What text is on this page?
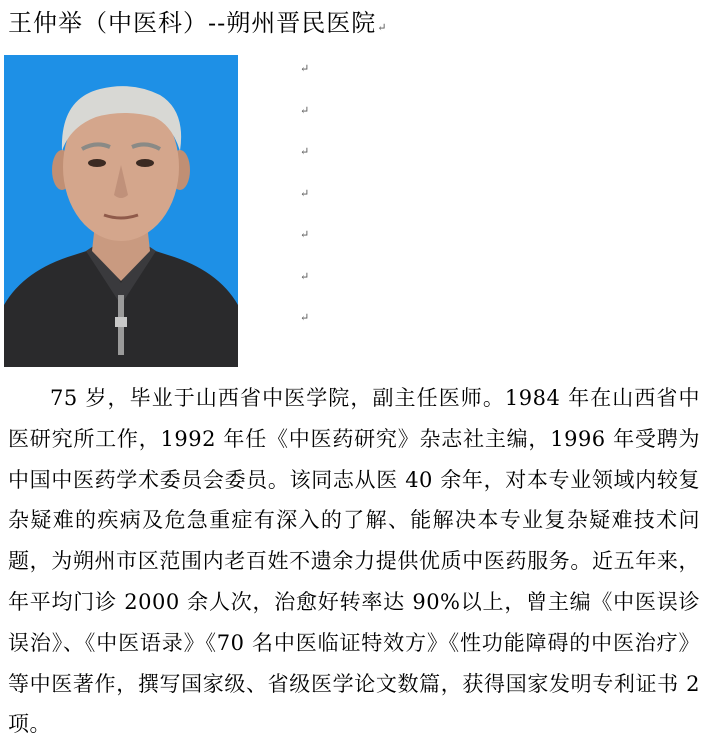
王仲举（中医科）--朔州晋民医院↵
↵
↵
↵
↵
↵
↵
↵

75 岁，毕业于山西省中医学院，副主任医师。1984 年在山西省中医研究所工作，1992 年任《中医药研究》杂志社主编，1996 年受聘为中国中医药学术委员会委员。该同志从医 40 余年，对本专业领域内较复杂疑难的疾病及危急重症有深入的了解、能解决本专业复杂疑难技术问题，为朔州市区范围内老百姓不遗余力提供优质中医药服务。近五年来，年平均门诊 2000 余人次，治愈好转率达 90%以上，曾主编《中医误诊误治》、《中医语录》《70 名中医临证特效方》《性功能障碍的中医治疗》等中医著作，撰写国家级、省级医学论文数篇，获得国家发明专利证书 2 项。
